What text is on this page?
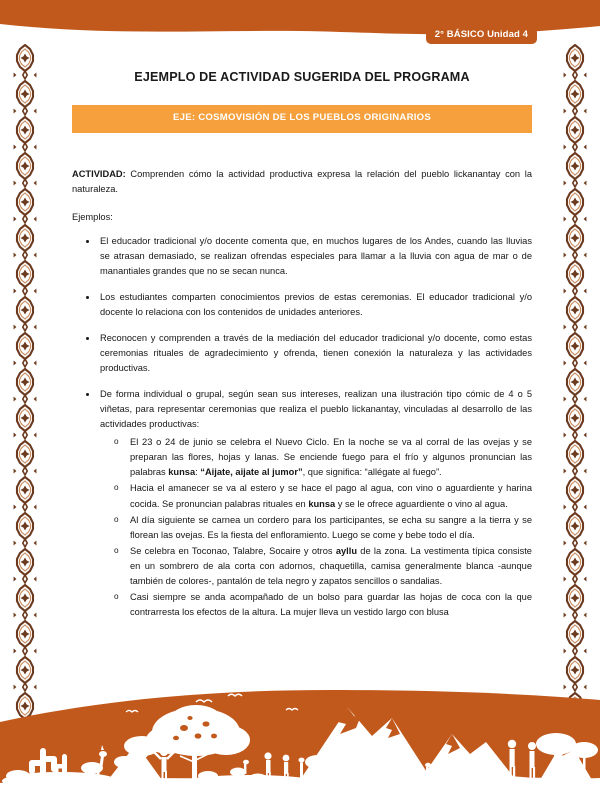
2° BÁSICO Unidad 4
EJEMPLO DE ACTIVIDAD SUGERIDA DEL PROGRAMA
EJE: COSMOVISIÓN DE LOS PUEBLOS ORIGINARIOS

ACTIVIDAD: Comprenden cómo la actividad productiva expresa la relación del pueblo lickanantay con la naturaleza.

Ejemplos:

El educador tradicional y/o docente comenta que, en muchos lugares de los Andes, cuando las lluvias se atrasan demasiado, se realizan ofrendas especiales para llamar a la lluvia con agua de mar o de manantiales grandes que no se secan nunca.
Los estudiantes comparten conocimientos previos de estas ceremonias. El educador tradicional y/o docente lo relaciona con los contenidos de unidades anteriores.
Reconocen y comprenden a través de la mediación del educador tradicional y/o docente, como estas ceremonias rituales de agradecimiento y ofrenda, tienen conexión la naturaleza y las actividades productivas.
De forma individual o grupal, según sean sus intereses, realizan una ilustración tipo cómic de 4 o 5 viñetas, para representar ceremonias que realiza el pueblo lickanantay, vinculadas al desarrollo de las actividades productivas:
o El 23 o 24 de junio se celebra el Nuevo Ciclo. En la noche se va al corral de las ovejas y se preparan las flores, hojas y lanas. Se enciende fuego para el frío y algunos pronuncian las palabras kunsa: “Aijate, aijate al jumor”, que significa: “allégate al fuego”.
o Hacia el amanecer se va al estero y se hace el pago al agua, con vino o aguardiente y harina cocida. Se pronuncian palabras rituales en kunsa y se le ofrece aguardiente o vino al agua.
o Al día siguiente se carnea un cordero para los participantes, se echa su sangre a la tierra y se florean las ovejas. Es la fiesta del enfloramiento. Luego se come y bebe todo el día.
o Se celebra en Toconao, Talabre, Socaire y otros ayllu de la zona. La vestimenta típica consiste en un sombrero de ala corta con adornos, chaquetilla, camisa generalmente blanca -aunque también de colores-, pantalón de tela negro y zapatos sencillos o sandalias.
o Casi siempre se anda acompañado de un bolso para guardar las hojas de coca con la que contrarresta los efectos de la altura. La mujer lleva un vestido largo con blusa
